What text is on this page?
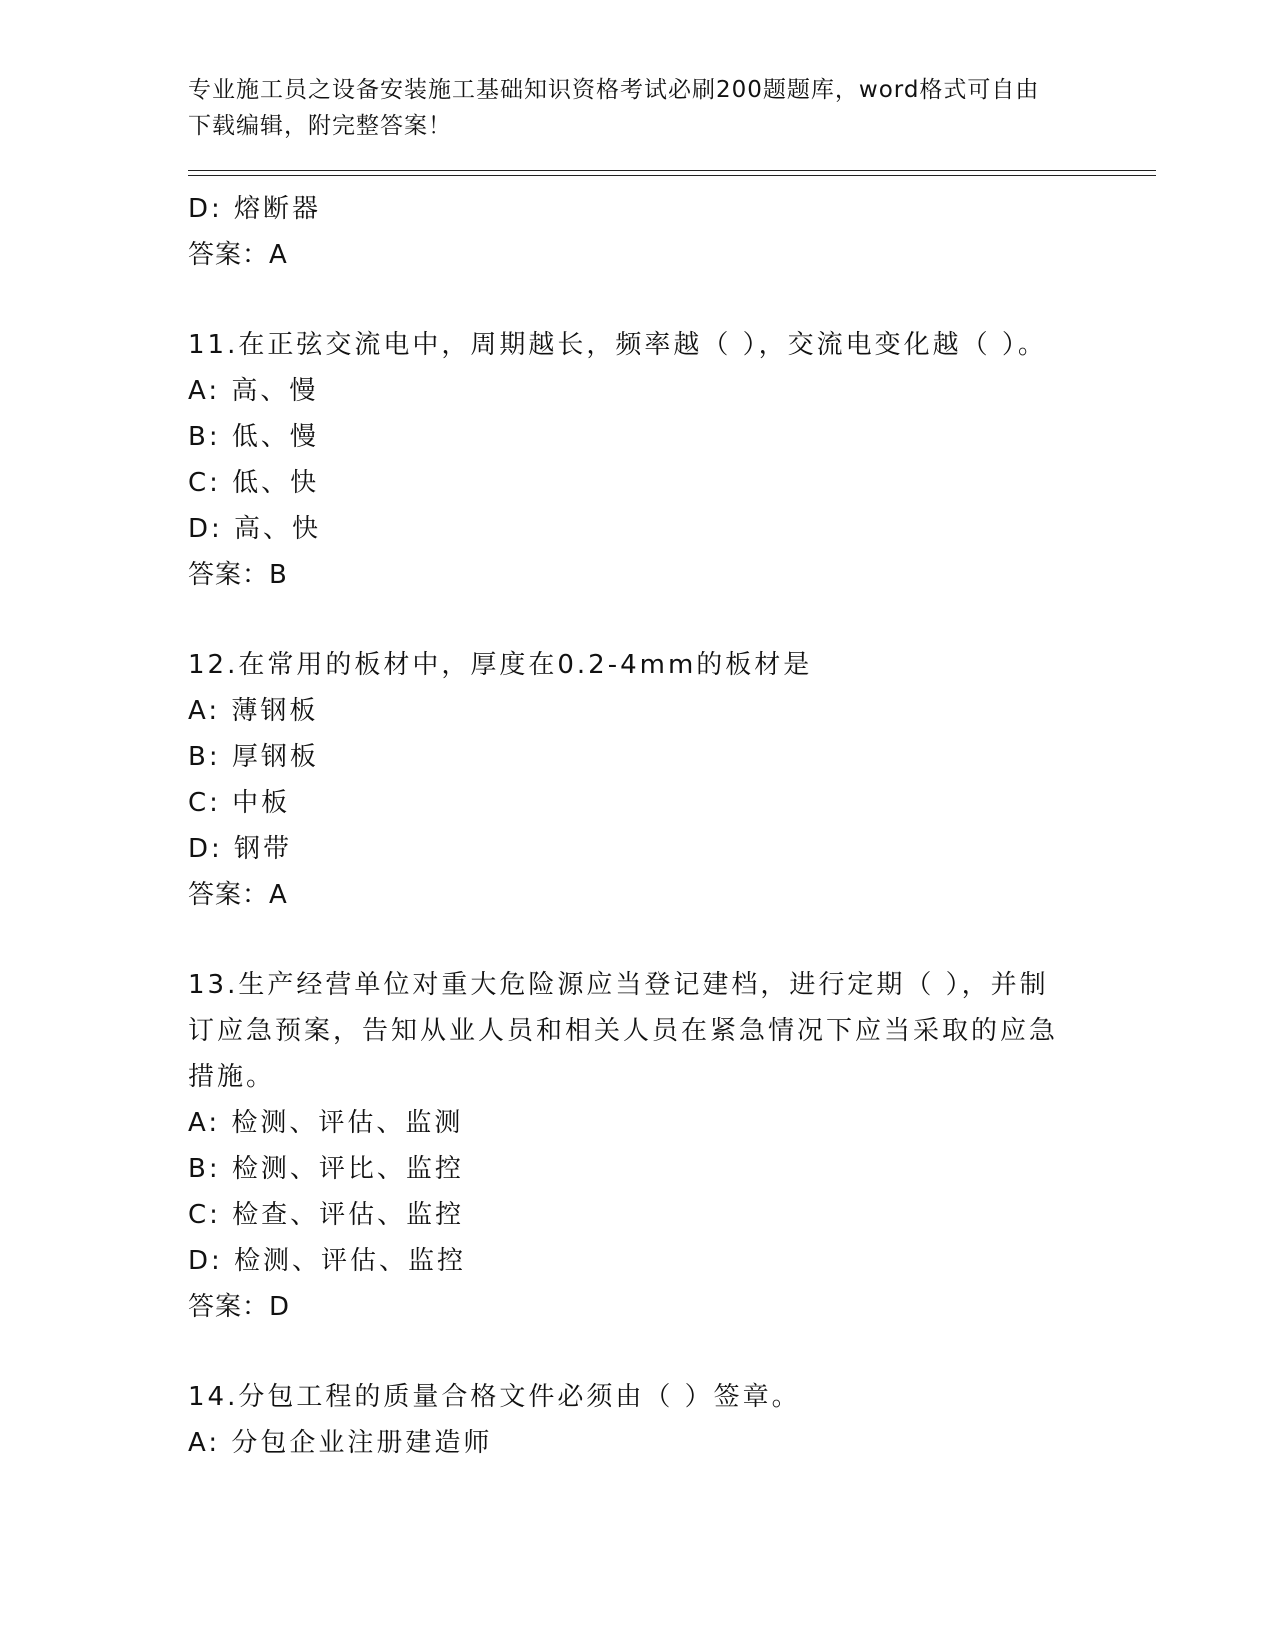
专业施工员之设备安装施工基础知识资格考试必刷200题题库，word格式可自由
下载编辑，附完整答案！
D: 熔断器
答案：A
11.在正弦交流电中，周期越长，频率越（ ），交流电变化越（ ）。
A: 高、慢
B: 低、慢
C: 低、快
D: 高、快
答案：B
12.在常用的板材中，厚度在0.2-4mm的板材是
A: 薄钢板
B: 厚钢板
C: 中板
D: 钢带
答案：A
13.生产经营单位对重大危险源应当登记建档，进行定期（ ），并制
订应急预案，告知从业人员和相关人员在紧急情况下应当采取的应急
措施。
A: 检测、评估、监测
B: 检测、评比、监控
C: 检查、评估、监控
D: 检测、评估、监控
答案：D
14.分包工程的质量合格文件必须由（ ）签章。
A: 分包企业注册建造师
